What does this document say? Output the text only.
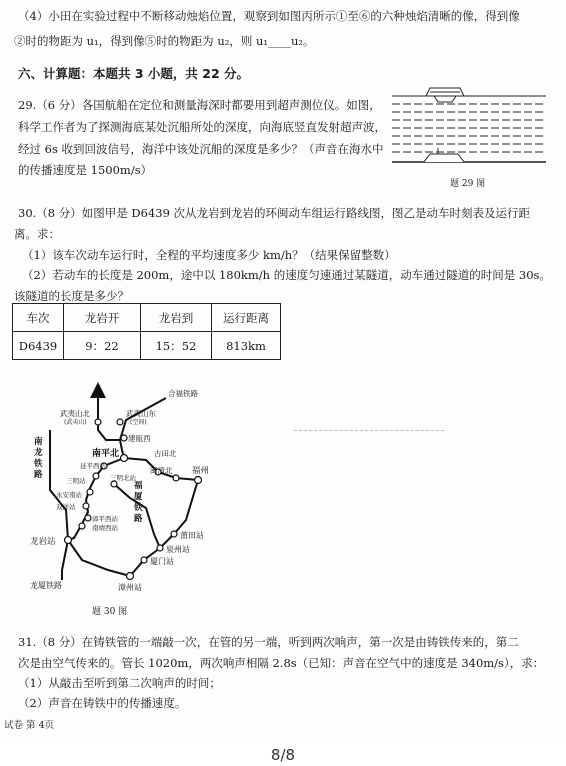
（4）小田在实验过程中不断移动烛焰位置，观察到如图丙所示①至⑥的六种烛焰清晰的像，得到像
②时的物距为 u₁，得到像⑤时的物距为 u₂，则 u₁____u₂。
六、计算题：本题共 3 小题，共 22 分。
29.（6 分）各国航船在定位和测量海深时都要用到超声测位仪。如图，
科学工作者为了探测海底某处沉船所处的深度，向海底竖直发射超声波，
经过 6s 收到回波信号，海洋中该处沉船的深度是多少？（声音在海水中
的传播速度是 1500m/s）
题 29 图
30.（8 分）如图甲是 D6439 次从龙岩到龙岩的环闽动车组运行路线图，图乙是动车时刻表及运行距
离。求：
（1）该车次动车运行时，全程的平均速度多少 km/h？（结果保留整数）
（2）若动车的长度是 200m，途中以 180km/h 的速度匀速通过某隧道，动车通过隧道的时间是 30s。
该隧道的长度是多少？
车次	龙岩开	龙岩到	运行距离
D6439	9：22	15：52	813km
合福铁路
武夷山北
(武夷山)
武夷山东
(空间)
建瓯西
南平北	古田北
闽清北 福州
延平西站
三明北站
三明站
永安南站
双洋站
漳平西站
南靖西站
龙岩站
莆田站
泉州站
厦门站
漳州站
龙厦铁路
南龙铁路
福厦铁路
题 30 图
31.（8 分）在铸铁管的一端敲一次，在管的另一端，听到两次响声，第一次是由铸铁传来的，第二
次是由空气传来的。管长 1020m，两次响声相隔 2.8s（已知：声音在空气中的速度是 340m/s），求：
（1）从敲击至听到第二次响声的时间；
（2）声音在铸铁中的传播速度。
试卷 第 4页
8/8
